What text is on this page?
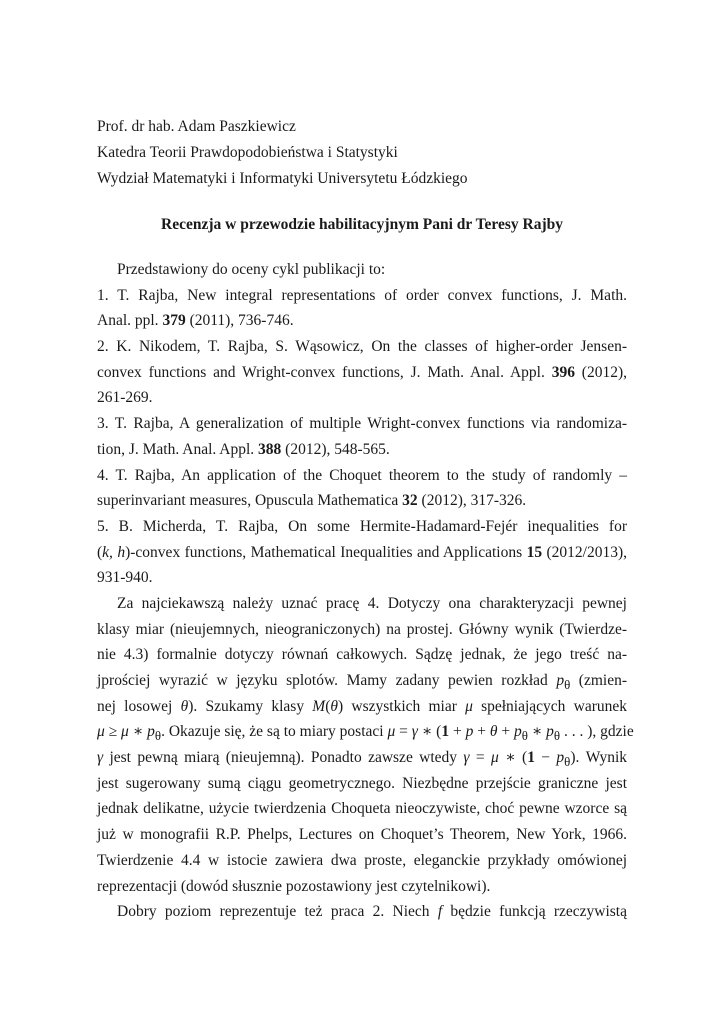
Prof. dr hab. Adam Paszkiewicz
Katedra Teorii Prawdopodobieństwa i Statystyki
Wydział Matematyki i Informatyki Universytetu Łódzkiego
Recenzja w przewodzie habilitacyjnym Pani dr Teresy Rajby
Przedstawiony do oceny cykl publikacji to:
1. T. Rajba, New integral representations of order convex functions, J. Math.
Anal. ppl. 379 (2011), 736-746.
2. K. Nikodem, T. Rajba, S. Wąsowicz, On the classes of higher-order Jensen-
convex functions and Wright-convex functions, J. Math. Anal. Appl. 396 (2012),
261-269.
3. T. Rajba, A generalization of multiple Wright-convex functions via randomiza-
tion, J. Math. Anal. Appl. 388 (2012), 548-565.
4. T. Rajba, An application of the Choquet theorem to the study of randomly –
superinvariant measures, Opuscula Mathematica 32 (2012), 317-326.
5. B. Micherda, T. Rajba, On some Hermite-Hadamard-Fejér inequalities for
(k, h)-convex functions, Mathematical Inequalities and Applications 15 (2012/2013),
931-940.
Za najciekawszą należy uznać pracę 4. Dotyczy ona charakteryzacji pewnej
klasy miar (nieujemnych, nieograniczonych) na prostej. Główny wynik (Twierdze-
nie 4.3) formalnie dotyczy równań całkowych. Sądzę jednak, że jego treść na-
jprościej wyrazić w języku splotów. Mamy zadany pewien rozkład $p_\theta$ (zmien-
nej losowej θ). Szukamy klasy M(θ) wszystkich miar μ spełniających warunek
μ ≥ μ ∗ $p_\theta$. Okazuje się, że są to miary postaci μ = γ ∗ ($1 + p + \theta + p_\theta$ ∗ $p_\theta$ . . . ), gdzie
γ jest pewną miarą (nieujemną). Ponadto zawsze wtedy γ = μ ∗ $(1 - p_\theta)$. Wynik
jest sugerowany sumą ciągu geometrycznego. Niezbędne przejście graniczne jest
jednak delikatne, użycie twierdzenia Choqueta nieoczywiste, choć pewne wzorce są
już w monografii R.P. Phelps, Lectures on Choquet’s Theorem, New York, 1966.
Twierdzenie 4.4 w istocie zawiera dwa proste, eleganckie przykłady omówionej
reprezentacji (dowód słusznie pozostawiony jest czytelnikowi).
Dobry poziom reprezentuje też praca 2. Niech f będzie funkcją rzeczywistą
